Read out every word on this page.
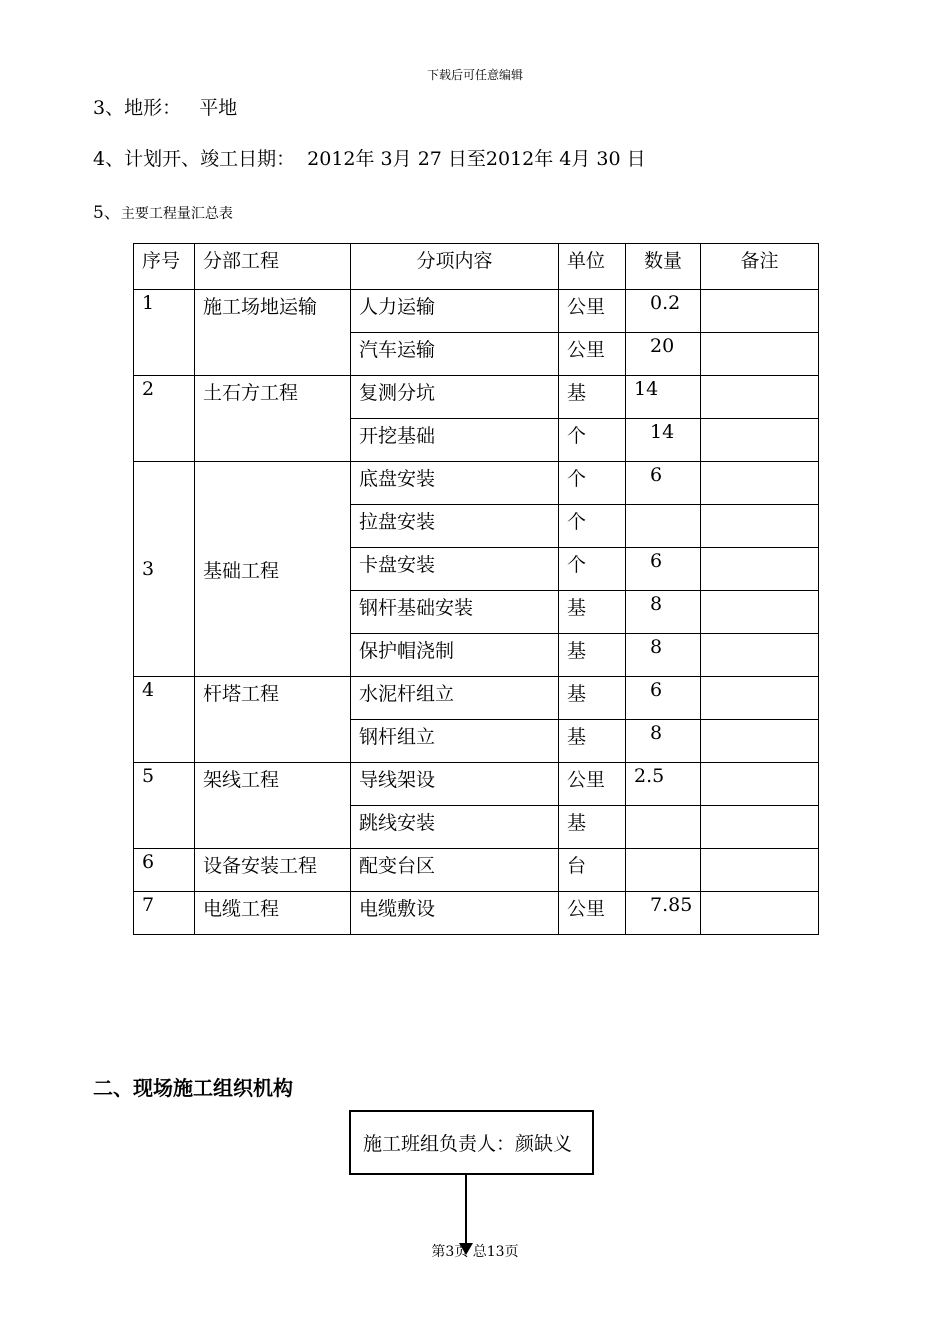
下载后可任意编辑
3、地形：   平地
4、计划开、竣工日期：  2012年 3月 27 日至2012年 4月 30 日
5、主要工程量汇总表
序号	分部工程	分项内容	单位	数量	备注
1	施工场地运输	人力运输	公里	0.2	
		汽车运输	公里	20	
2	土石方工程	复测分坑	基	14	
		开挖基础	个	14	
3	基础工程	底盘安装	个	6	
		拉盘安装	个		
		卡盘安装	个	6	
		钢杆基础安装	基	8	
		保护帽浇制	基	8	
4	杆塔工程	水泥杆组立	基	6	
		钢杆组立	基	8	
5	架线工程	导线架设	公里	2.5	
		跳线安装	基		
6	设备安装工程	配变台区	台		
7	电缆工程	电缆敷设	公里	7.85	
二、现场施工组织机构
施工班组负责人：颜缺义
第3页 总13页
